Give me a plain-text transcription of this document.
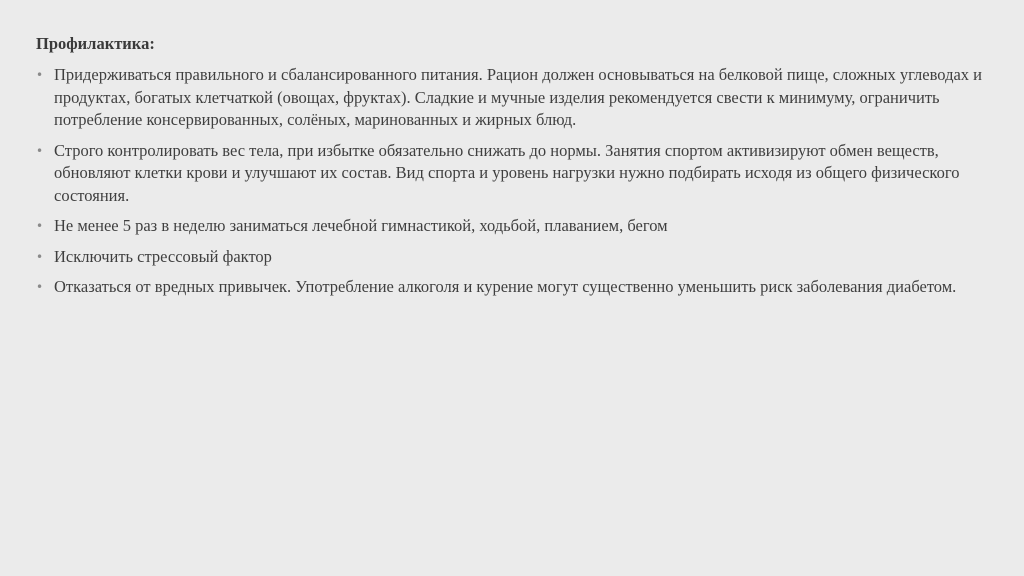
Профилактика:

• Придерживаться правильного и сбалансированного питания. Рацион должен основываться на белковой пище, сложных углеводах и продуктах, богатых клетчаткой (овощах, фруктах). Сладкие и мучные изделия рекомендуется свести к минимуму, ограничить потребление консервированных, солёных, маринованных и жирных блюд.
• Строго контролировать вес тела, при избытке обязательно снижать до нормы. Занятия спортом активизируют обмен веществ, обновляют клетки крови и улучшают их состав. Вид спорта и уровень нагрузки нужно подбирать исходя из общего физического состояния.
• Не менее 5 раз в неделю заниматься лечебной гимнастикой, ходьбой, плаванием, бегом
• Исключить стрессовый фактор
• Отказаться от вредных привычек. Употребление алкоголя и курение могут существенно уменьшить риск заболевания диабетом.
